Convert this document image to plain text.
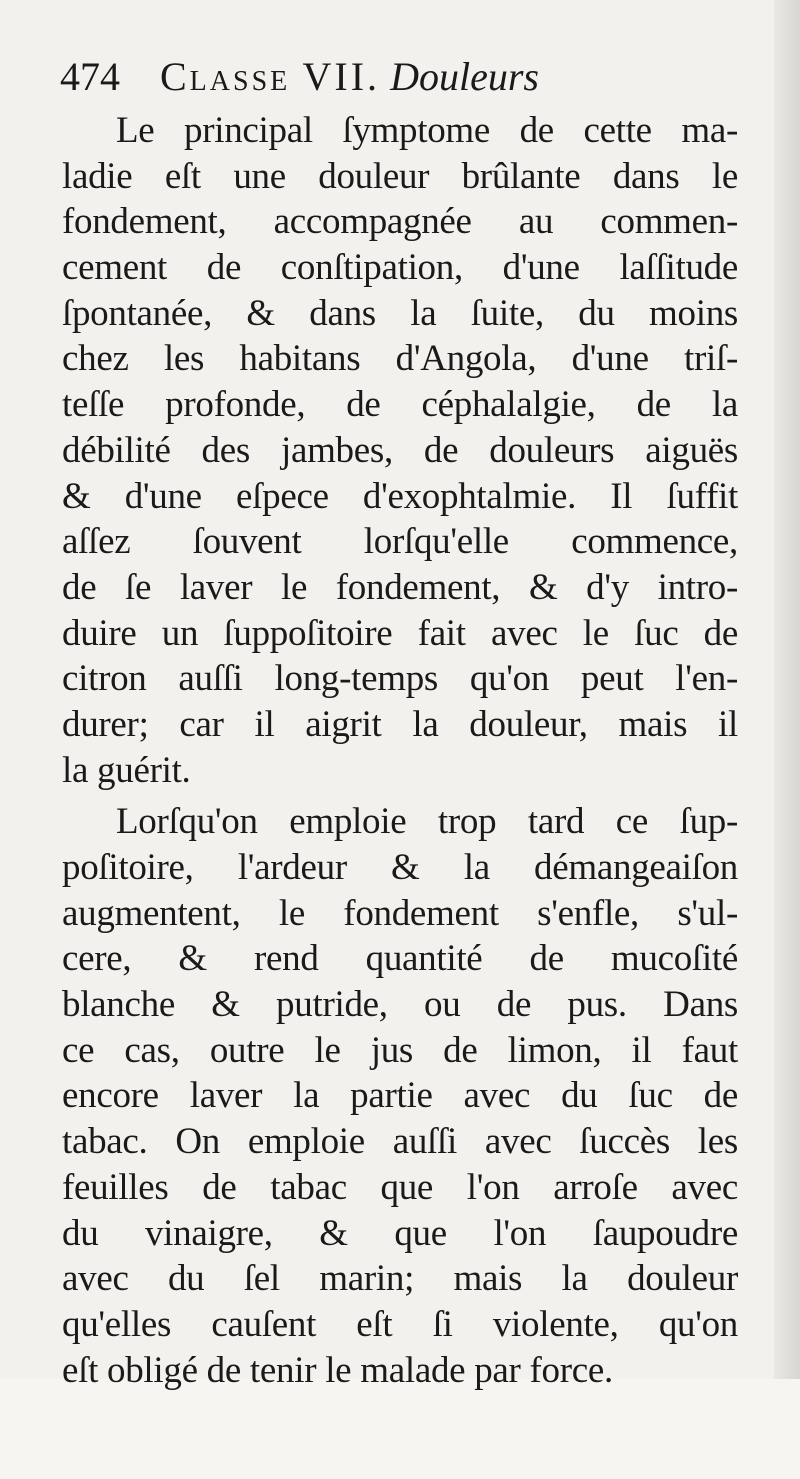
474 Classe VII. Douleurs
Le principal ſymptome de cette ma-
ladie eſt une douleur brûlante dans le
fondement, accompagnée au commen-
cement de conſtipation, d'une laſſitude
ſpontanée, & dans la ſuite, du moins
chez les habitans d'Angola, d'une triſ-
teſſe profonde, de céphalalgie, de la
débilité des jambes, de douleurs aiguës
& d'une eſpece d'exophtalmie. Il ſuffit
aſſez ſouvent lorſqu'elle commence,
de ſe laver le fondement, & d'y intro-
duire un ſuppoſitoire fait avec le ſuc de
citron auſſi long-temps qu'on peut l'en-
durer; car il aigrit la douleur, mais il
la guérit.
Lorſqu'on emploie trop tard ce ſup-
poſitoire, l'ardeur & la démangeaiſon
augmentent, le fondement s'enfle, s'ul-
cere, & rend quantité de mucoſité
blanche & putride, ou de pus. Dans
ce cas, outre le jus de limon, il faut
encore laver la partie avec du ſuc de
tabac. On emploie auſſi avec ſuccès les
feuilles de tabac que l'on arroſe avec
du vinaigre, & que l'on ſaupoudre
avec du ſel marin; mais la douleur
qu'elles cauſent eſt ſi violente, qu'on
eſt obligé de tenir le malade par force.
